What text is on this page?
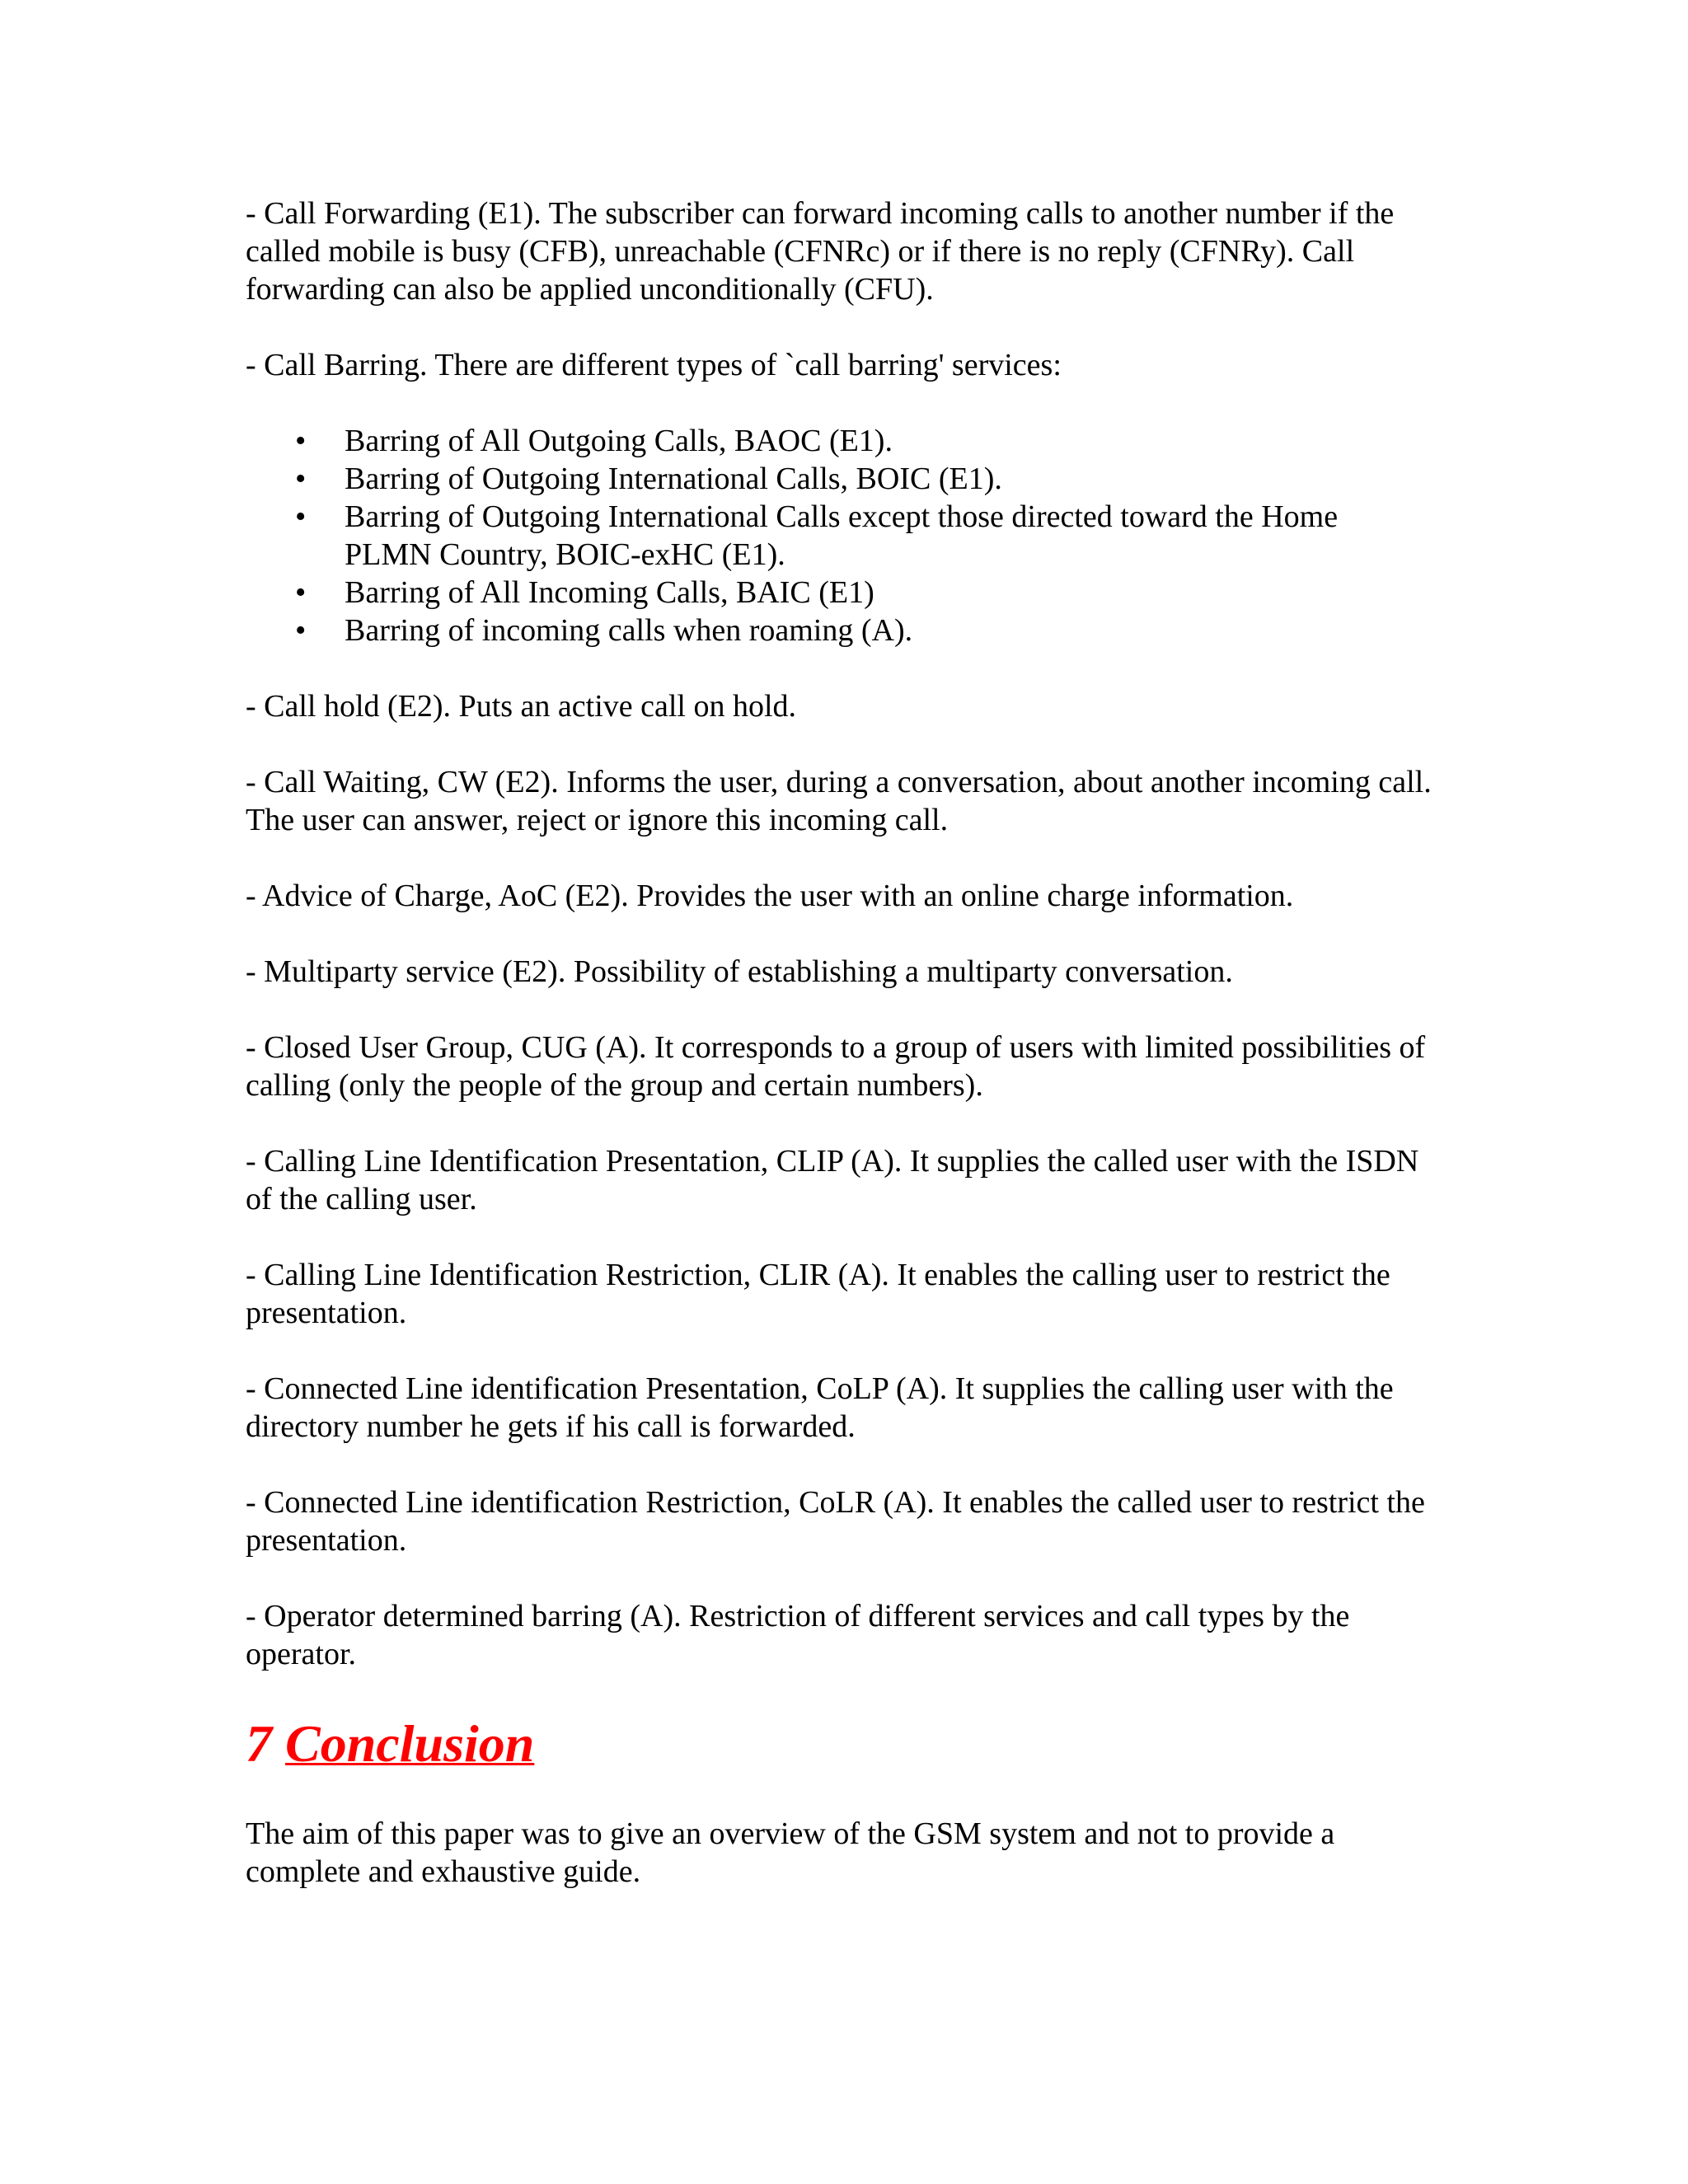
- Call Forwarding (E1). The subscriber can forward incoming calls to another number if the called mobile is busy (CFB), unreachable (CFNRc) or if there is no reply (CFNRy). Call forwarding can also be applied unconditionally (CFU).

- Call Barring. There are different types of `call barring' services:

•	Barring of All Outgoing Calls, BAOC (E1).
•	Barring of Outgoing International Calls, BOIC (E1).
•	Barring of Outgoing International Calls except those directed toward the Home PLMN Country, BOIC-exHC (E1).
•	Barring of All Incoming Calls, BAIC (E1)
•	Barring of incoming calls when roaming (A).

- Call hold (E2). Puts an active call on hold.

- Call Waiting, CW (E2). Informs the user, during a conversation, about another incoming call. The user can answer, reject or ignore this incoming call.

- Advice of Charge, AoC (E2). Provides the user with an online charge information.

- Multiparty service (E2). Possibility of establishing a multiparty conversation.

- Closed User Group, CUG (A). It corresponds to a group of users with limited possibilities of calling (only the people of the group and certain numbers).

- Calling Line Identification Presentation, CLIP (A). It supplies the called user with the ISDN of the calling user.

- Calling Line Identification Restriction, CLIR (A). It enables the calling user to restrict the presentation.

- Connected Line identification Presentation, CoLP (A). It supplies the calling user with the directory number he gets if his call is forwarded.

- Connected Line identification Restriction, CoLR (A). It enables the called user to restrict the presentation.

- Operator determined barring (A). Restriction of different services and call types by the operator.

7 Conclusion

The aim of this paper was to give an overview of the GSM system and not to provide a complete and exhaustive guide.
